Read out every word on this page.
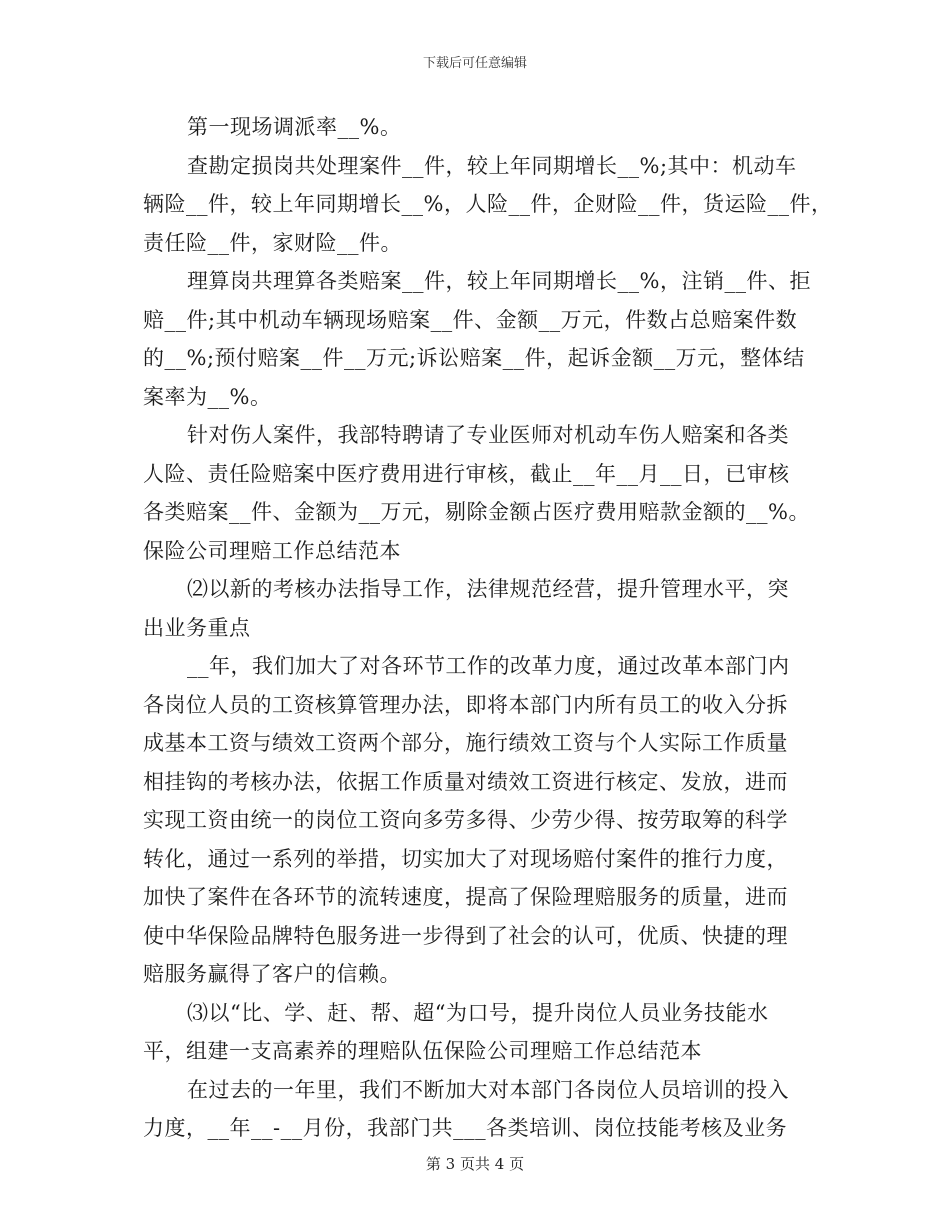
下载后可任意编辑
第一现场调派率__%。
查勘定损岗共处理案件__件，较上年同期增长__%;其中：机动车
辆险__件，较上年同期增长__%，人险__件，企财险__件，货运险__件，
责任险__件，家财险__件。
理算岗共理算各类赔案__件，较上年同期增长__%，注销__件、拒
赔__件;其中机动车辆现场赔案__件、金额__万元，件数占总赔案件数
的__%;预付赔案__件__万元;诉讼赔案__件，起诉金额__万元，整体结
案率为__%。
针对伤人案件，我部特聘请了专业医师对机动车伤人赔案和各类
人险、责任险赔案中医疗费用进行审核，截止__年__月__日，已审核
各类赔案__件、金额为__万元，剔除金额占医疗费用赔款金额的__%。
保险公司理赔工作总结范本
⑵以新的考核办法指导工作，法律规范经营，提升管理水平，突
出业务重点
__年，我们加大了对各环节工作的改革力度，通过改革本部门内
各岗位人员的工资核算管理办法，即将本部门内所有员工的收入分拆
成基本工资与绩效工资两个部分，施行绩效工资与个人实际工作质量
相挂钩的考核办法，依据工作质量对绩效工资进行核定、发放，进而
实现工资由统一的岗位工资向多劳多得、少劳少得、按劳取筹的科学
转化，通过一系列的举措，切实加大了对现场赔付案件的推行力度，
加快了案件在各环节的流转速度，提高了保险理赔服务的质量，进而
使中华保险品牌特色服务进一步得到了社会的认可，优质、快捷的理
赔服务赢得了客户的信赖。
⑶以“比、学、赶、帮、超“为口号，提升岗位人员业务技能水
平，组建一支高素养的理赔队伍保险公司理赔工作总结范本
在过去的一年里，我们不断加大对本部门各岗位人员培训的投入
力度，__年__-__月份，我部门共___各类培训、岗位技能考核及业务
第 3 页共 4 页
